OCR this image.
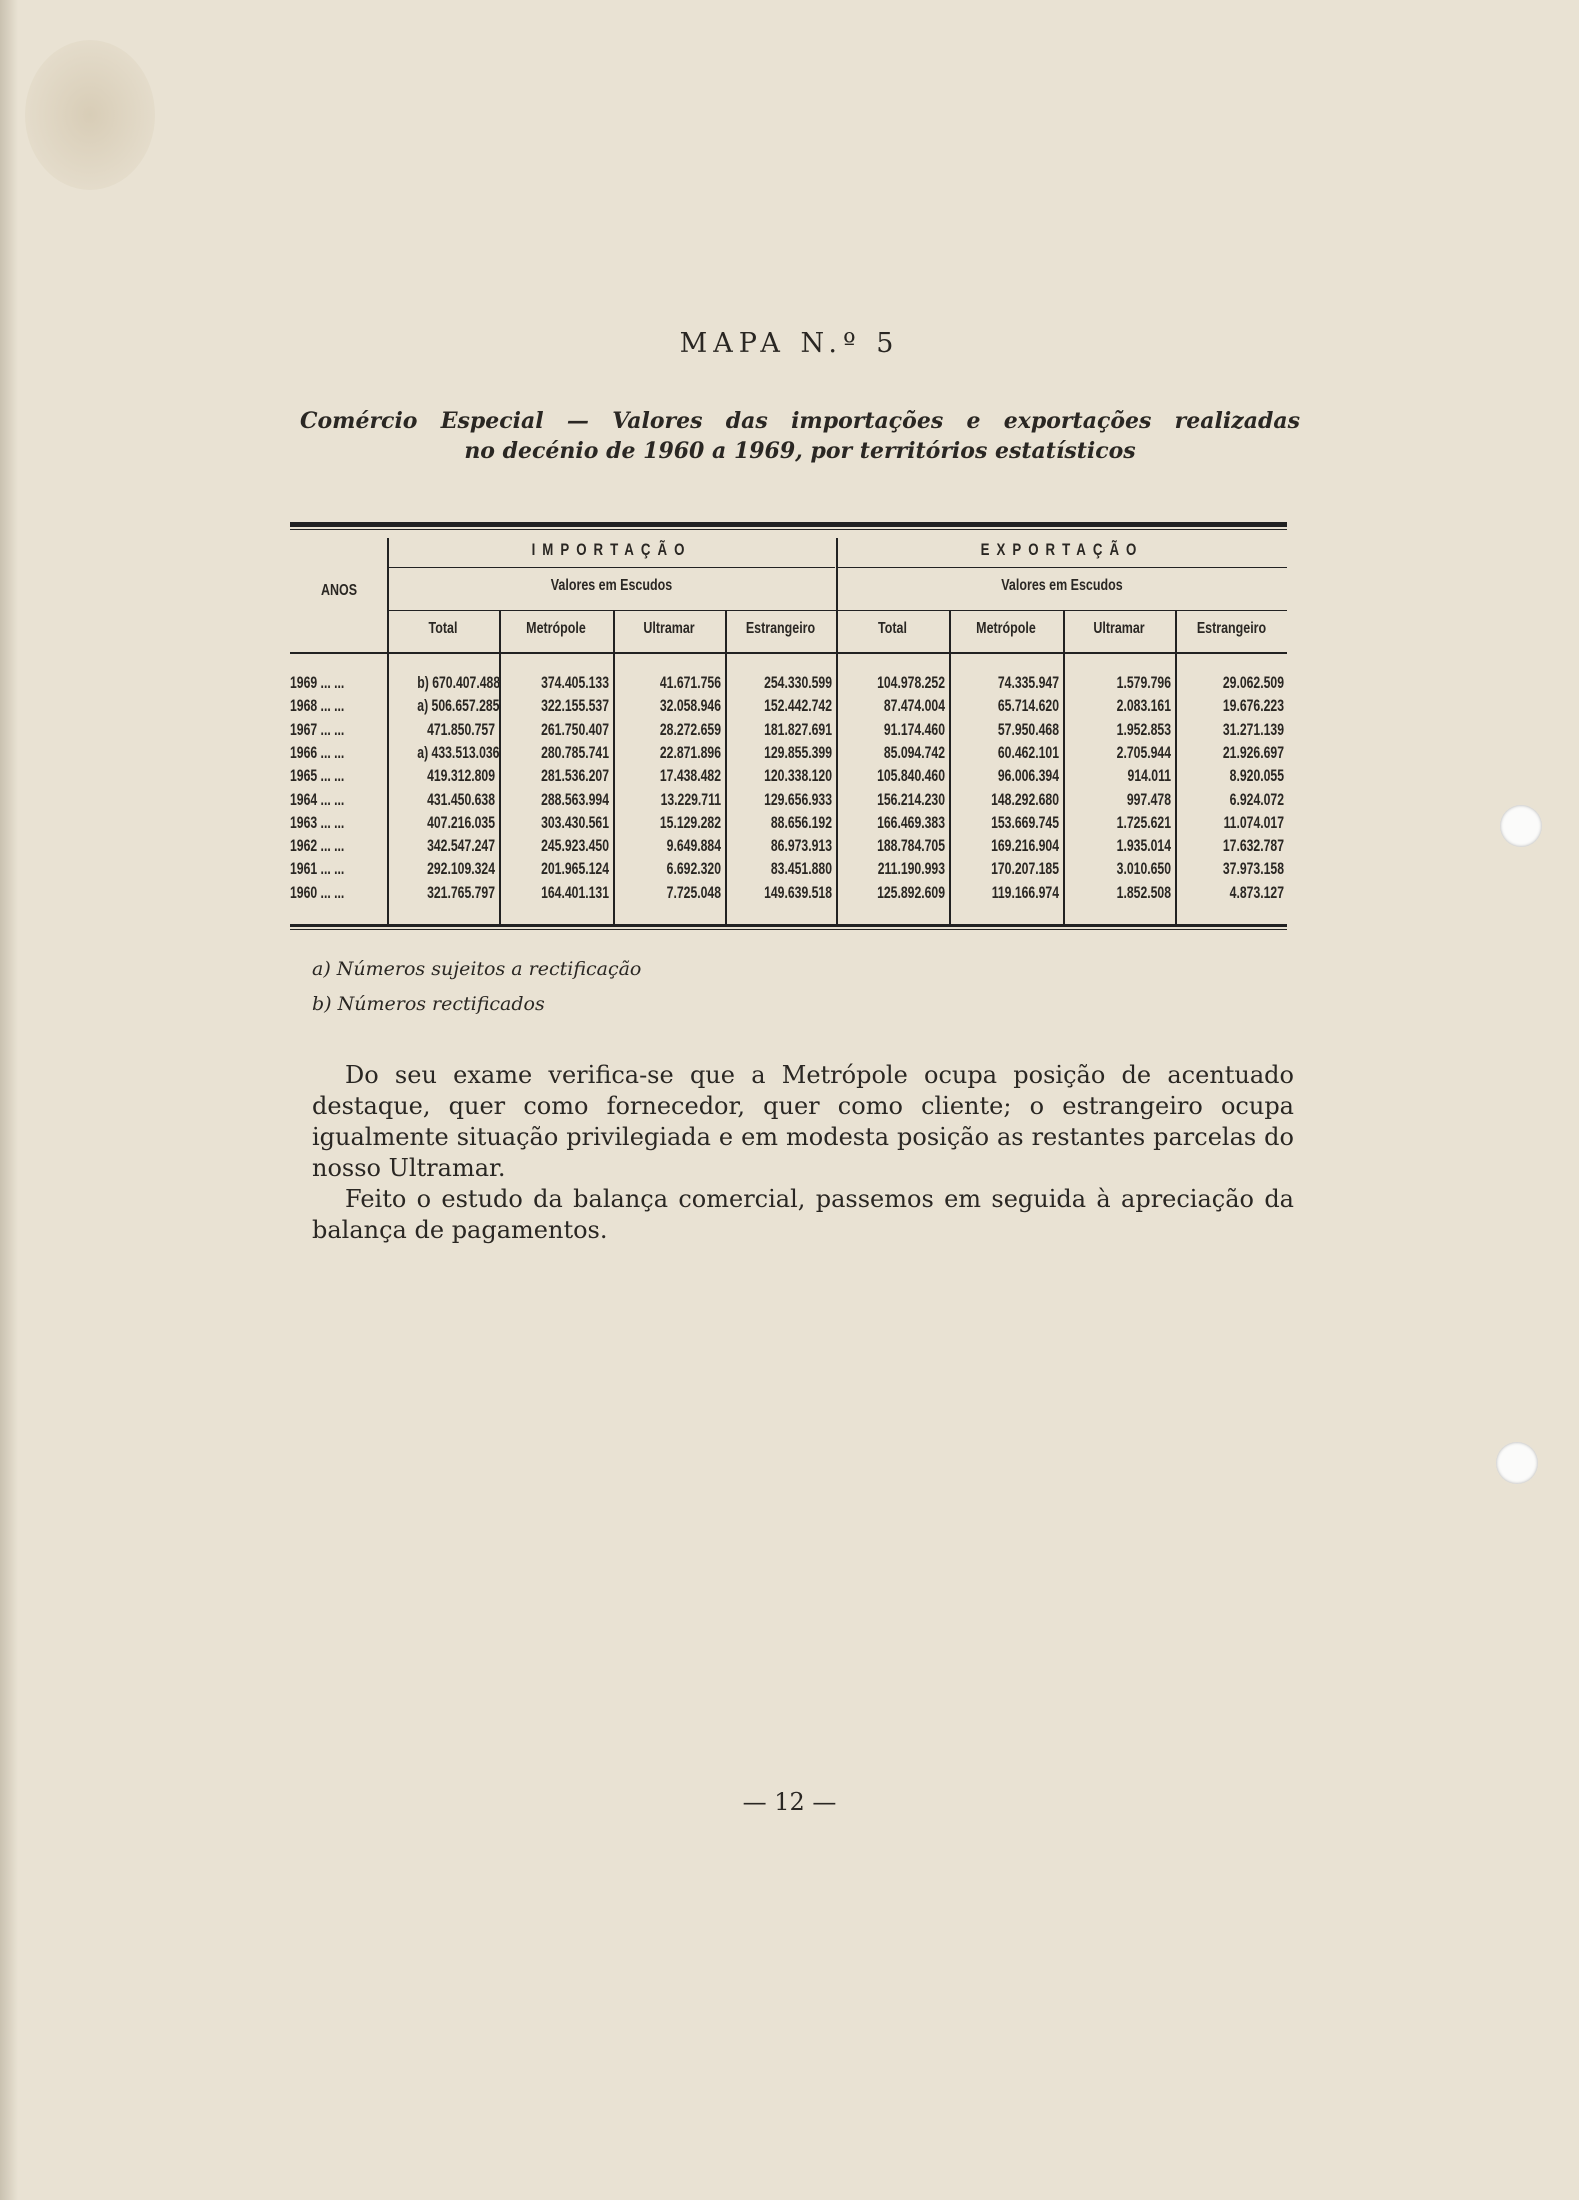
MAPA N.º 5
Comércio Especial — Valores das importações e exportações realizadas
no decénio de 1960 a 1969, por territórios estatísticos
ANOS
IMPORTAÇÃO	EXPORTAÇÃO
Valores em Escudos	Valores em Escudos
Total	Metrópole	Ultramar	Estrangeiro	Total	Metrópole	Ultramar	Estrangeiro
1969 ... ...	b) 670.407.488	374.405.133	41.671.756	254.330.599	104.978.252	74.335.947	1.579.796	29.062.509
1968 ... ...	a) 506.657.285	322.155.537	32.058.946	152.442.742	87.474.004	65.714.620	2.083.161	19.676.223
1967 ... ...	471.850.757	261.750.407	28.272.659	181.827.691	91.174.460	57.950.468	1.952.853	31.271.139
1966 ... ...	a) 433.513.036	280.785.741	22.871.896	129.855.399	85.094.742	60.462.101	2.705.944	21.926.697
1965 ... ...	419.312.809	281.536.207	17.438.482	120.338.120	105.840.460	96.006.394	914.011	8.920.055
1964 ... ...	431.450.638	288.563.994	13.229.711	129.656.933	156.214.230	148.292.680	997.478	6.924.072
1963 ... ...	407.216.035	303.430.561	15.129.282	88.656.192	166.469.383	153.669.745	1.725.621	11.074.017
1962 ... ...	342.547.247	245.923.450	9.649.884	86.973.913	188.784.705	169.216.904	1.935.014	17.632.787
1961 ... ...	292.109.324	201.965.124	6.692.320	83.451.880	211.190.993	170.207.185	3.010.650	37.973.158
1960 ... ...	321.765.797	164.401.131	7.725.048	149.639.518	125.892.609	119.166.974	1.852.508	4.873.127
a) Números sujeitos a rectificação
b) Números rectificados

Do seu exame verifica-se que a Metrópole ocupa posição de acentuado destaque, quer como fornecedor, quer como cliente; o estrangeiro ocupa igualmente situação privilegiada e em modesta posição as restantes parcelas do nosso Ultramar.

Feito o estudo da balança comercial, passemos em seguida à apreciação da balança de pagamentos.

— 12 —
